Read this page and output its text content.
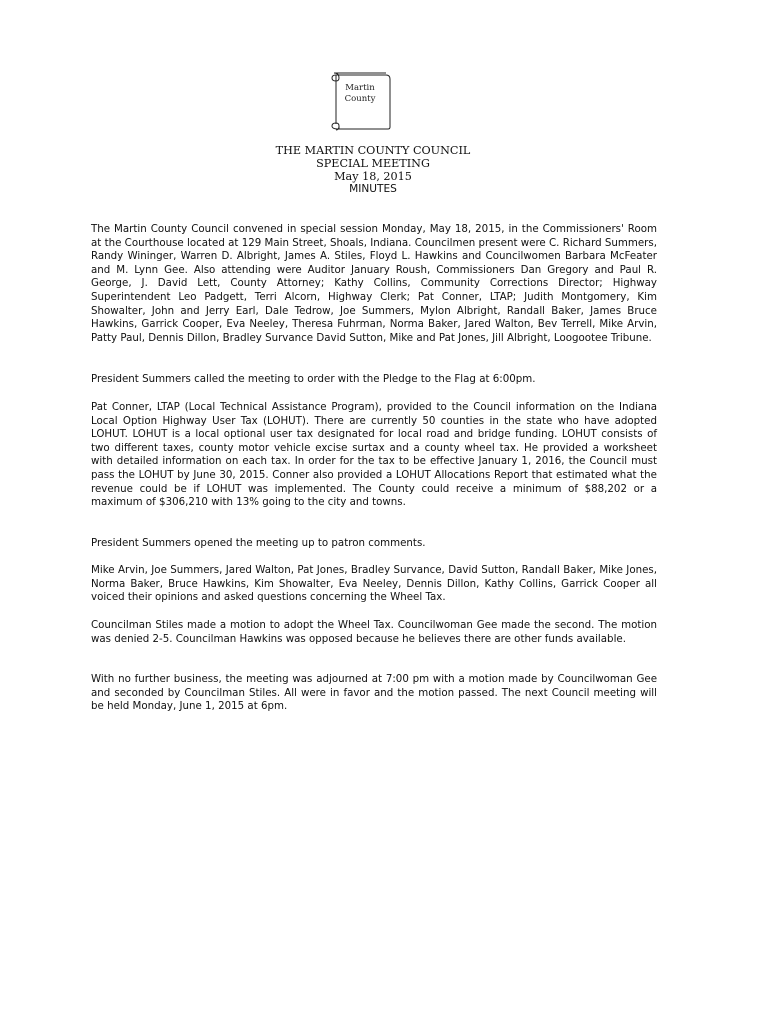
Martin
County
THE MARTIN COUNTY COUNCIL
SPECIAL MEETING
May 18, 2015
MINUTES

The Martin County Council convened in special session Monday, May 18, 2015, in the Commissioners' Room at the Courthouse located at 129 Main Street, Shoals, Indiana. Councilmen present were C. Richard Summers, Randy Wininger, Warren D. Albright, James A. Stiles, Floyd L. Hawkins and Councilwomen Barbara McFeater and M. Lynn Gee. Also attending were Auditor January Roush, Commissioners Dan Gregory and Paul R. George, J. David Lett, County Attorney; Kathy Collins, Community Corrections Director; Highway Superintendent Leo Padgett, Terri Alcorn, Highway Clerk; Pat Conner, LTAP; Judith Montgomery, Kim Showalter, John and Jerry Earl, Dale Tedrow, Joe Summers, Mylon Albright, Randall Baker, James Bruce Hawkins, Garrick Cooper, Eva Neeley, Theresa Fuhrman, Norma Baker, Jared Walton, Bev Terrell, Mike Arvin, Patty Paul, Dennis Dillon, Bradley Survance David Sutton, Mike and Pat Jones, Jill Albright, Loogootee Tribune.

President Summers called the meeting to order with the Pledge to the Flag at 6:00pm.

Pat Conner, LTAP (Local Technical Assistance Program), provided to the Council information on the Indiana Local Option Highway User Tax (LOHUT). There are currently 50 counties in the state who have adopted LOHUT. LOHUT is a local optional user tax designated for local road and bridge funding. LOHUT consists of two different taxes, county motor vehicle excise surtax and a county wheel tax. He provided a worksheet with detailed information on each tax. In order for the tax to be effective January 1, 2016, the Council must pass the LOHUT by June 30, 2015. Conner also provided a LOHUT Allocations Report that estimated what the revenue could be if LOHUT was implemented. The County could receive a minimum of $88,202 or a maximum of $306,210 with 13% going to the city and towns.

President Summers opened the meeting up to patron comments.

Mike Arvin, Joe Summers, Jared Walton, Pat Jones, Bradley Survance, David Sutton, Randall Baker, Mike Jones, Norma Baker, Bruce Hawkins, Kim Showalter, Eva Neeley, Dennis Dillon, Kathy Collins, Garrick Cooper all voiced their opinions and asked questions concerning the Wheel Tax.

Councilman Stiles made a motion to adopt the Wheel Tax. Councilwoman Gee made the second. The motion was denied 2-5. Councilman Hawkins was opposed because he believes there are other funds available.

With no further business, the meeting was adjourned at 7:00 pm with a motion made by Councilwoman Gee and seconded by Councilman Stiles. All were in favor and the motion passed. The next Council meeting will be held Monday, June 1, 2015 at 6pm.
